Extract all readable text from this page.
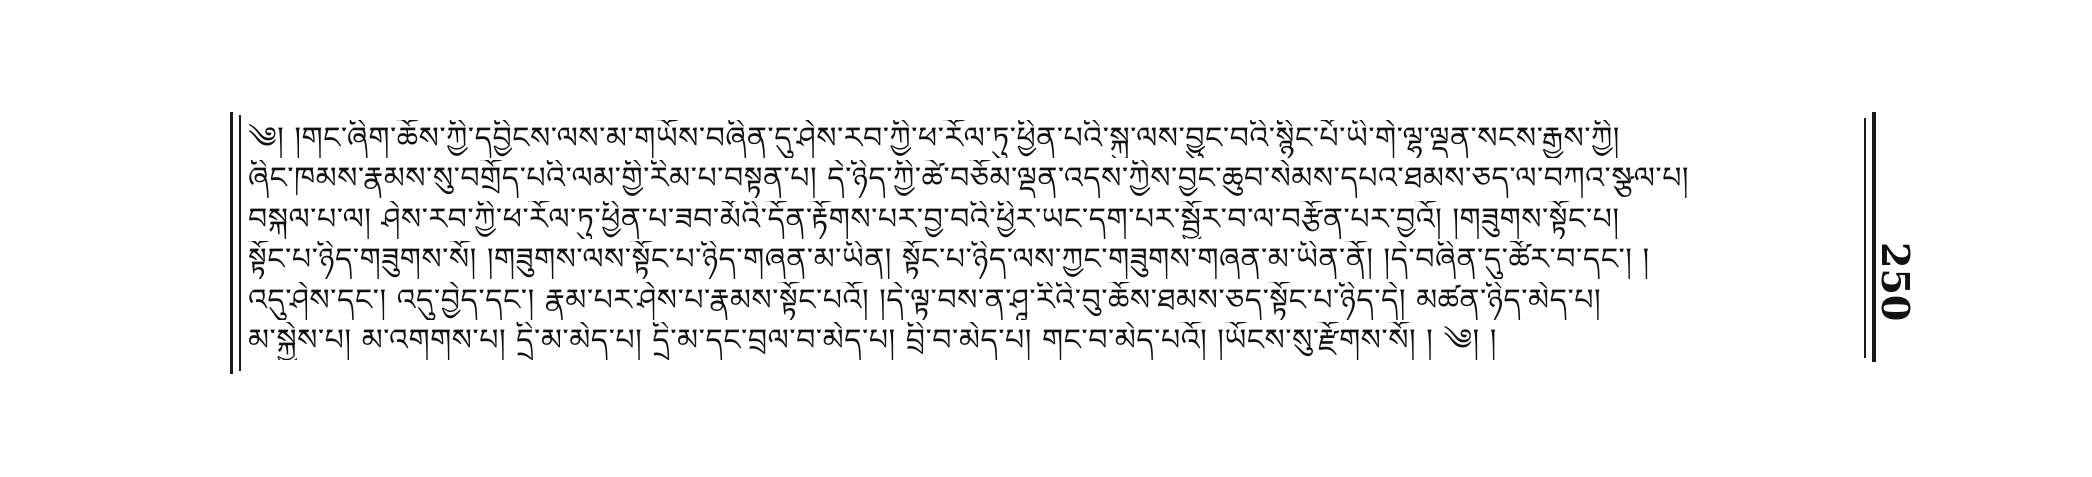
༄། །གང་ཞིག་ཆོས་ཀྱི་དབྱིངས་ལས་མ་གཡོས་བཞིན་དུ་ཤེས་རབ་ཀྱི་ཕ་རོལ་ཏུ་ཕྱིན་པའི་སྐུ་ལས་བྱུང་བའི་སྙིང་པོ་ཡི་གེ་ལྷ་ལྡན་སངས་རྒྱས་ཀྱི།
ཞིང་ཁམས་རྣམས་སུ་བགྲོད་པའི་ལམ་གྱི་རིམ་པ་བསྟན་པ། དེ་ཉིད་ཀྱི་ཚེ་བཅོམ་ལྡན་འདས་ཀྱིས་བྱང་ཆུབ་སེམས་དཔའ་ཐམས་ཅད་ལ་བཀའ་སྩལ་པ།
བསྐལ་པ་ལ། ཤེས་རབ་ཀྱི་ཕ་རོལ་ཏུ་ཕྱིན་པ་ཟབ་མོའི་དོན་རྟོགས་པར་བྱ་བའི་ཕྱིར་ཡང་དག་པར་སྦྱོར་བ་ལ་བརྩོན་པར་བྱའོ། །གཟུགས་སྟོང་པ།
སྟོང་པ་ཉིད་གཟུགས་སོ། །གཟུགས་ལས་སྟོང་པ་ཉིད་གཞན་མ་ཡིན། སྟོང་པ་ཉིད་ལས་ཀྱང་གཟུགས་གཞན་མ་ཡིན་ནོ། །དེ་བཞིན་དུ་ཚོར་བ་དང་། །
འདུ་ཤེས་དང་། འདུ་བྱེད་དང་། རྣམ་པར་ཤེས་པ་རྣམས་སྟོང་པའོ། །དེ་ལྟ་བས་ན་ཤཱ་རིའི་བུ་ཆོས་ཐམས་ཅད་སྟོང་པ་ཉིད་དེ། མཚན་ཉིད་མེད་པ།
མ་སྐྱེས་པ། མ་འགགས་པ། དྲི་མ་མེད་པ། དྲི་མ་དང་བྲལ་བ་མེད་པ། བྲི་བ་མེད་པ། གང་བ་མེད་པའོ། །ཡོངས་སུ་རྫོགས་སོ། ། ༄། །
250
